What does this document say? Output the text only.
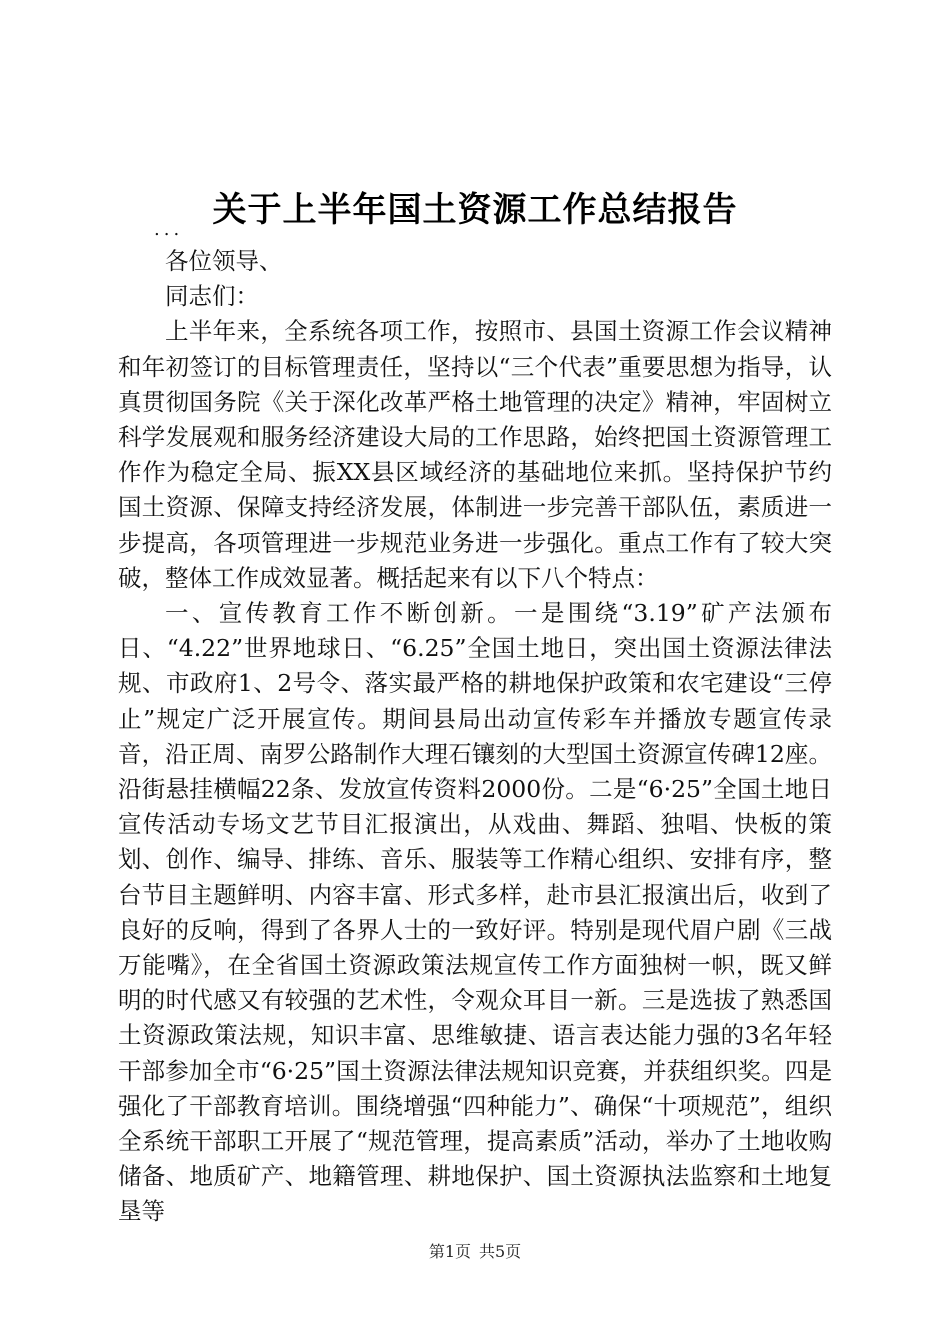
关于上半年国土资源工作总结报告

...

各位领导、

同志们：

上半年来，全系统各项工作，按照市、县国土资源工作会议精神和年初签订的目标管理责任，坚持以“三个代表”重要思想为指导，认真贯彻国务院《关于深化改革严格土地管理的决定》精神，牢固树立科学发展观和服务经济建设大局的工作思路，始终把国土资源管理工作作为稳定全局、振XX县区域经济的基础地位来抓。坚持保护节约国土资源、保障支持经济发展，体制进一步完善干部队伍，素质进一步提高，各项管理进一步规范业务进一步强化。重点工作有了较大突破，整体工作成效显著。概括起来有以下八个特点：

一、宣传教育工作不断创新。一是围绕“3.19”矿产法颁布日、“4.22”世界地球日、“6.25”全国土地日，突出国土资源法律法规、市政府1、2号令、落实最严格的耕地保护政策和农宅建设“三停止”规定广泛开展宣传。期间县局出动宣传彩车并播放专题宣传录音，沿正周、南罗公路制作大理石镶刻的大型国土资源宣传碑12座。沿街悬挂横幅22条、发放宣传资料2000份。二是“6·25”全国土地日宣传活动专场文艺节目汇报演出，从戏曲、舞蹈、独唱、快板的策划、创作、编导、排练、音乐、服装等工作精心组织、安排有序，整台节目主题鲜明、内容丰富、形式多样，赴市县汇报演出后，收到了良好的反响，得到了各界人士的一致好评。特别是现代眉户剧《三战万能嘴》，在全省国土资源政策法规宣传工作方面独树一帜，既又鲜明的时代感又有较强的艺术性，令观众耳目一新。三是选拔了熟悉国土资源政策法规，知识丰富、思维敏捷、语言表达能力强的3名年轻干部参加全市“6·25”国土资源法律法规知识竞赛，并获组织奖。四是强化了干部教育培训。围绕增强“四种能力”、确保“十项规范”，组织全系统干部职工开展了“规范管理，提高素质”活动，举办了土地收购储备、地质矿产、地籍管理、耕地保护、国土资源执法监察和土地复垦等

第1页 共5页
